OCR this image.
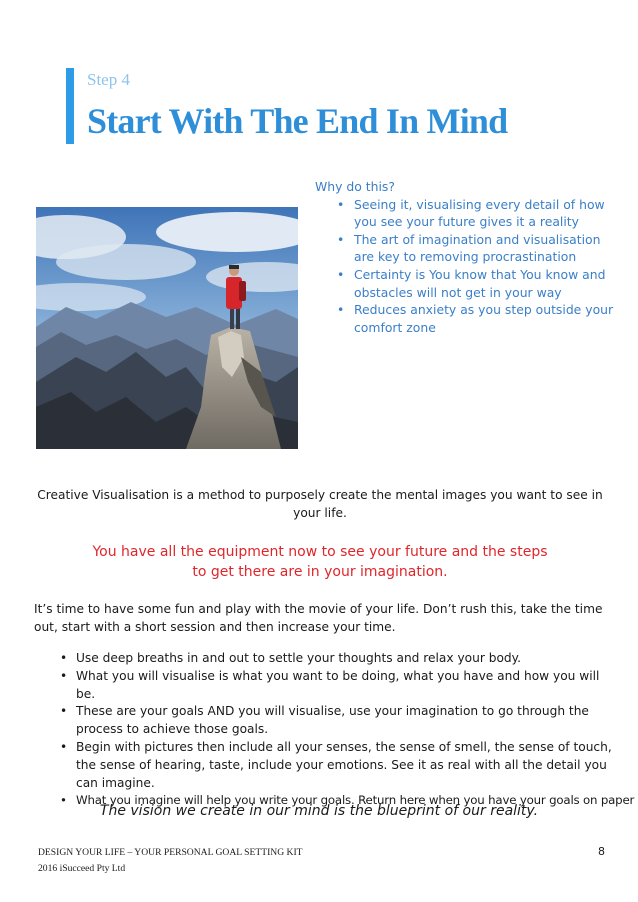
Step 4
Start With The End In Mind
Why do this?
• Seeing it, visualising every detail of how you see your future gives it a reality
• The art of imagination and visualisation are key to removing procrastination
• Certainty is You know that You know and obstacles will not get in your way
• Reduces anxiety as you step outside your comfort zone

Creative Visualisation is a method to purposely create the mental images you want to see in your life.

You have all the equipment now to see your future and the steps
to get there are in your imagination.

It’s time to have some fun and play with the movie of your life. Don’t rush this, take the time out, start with a short session and then increase your time.

• Use deep breaths in and out to settle your thoughts and relax your body.
• What you will visualise is what you want to be doing, what you have and how you will be.
• These are your goals AND you will visualise, use your imagination to go through the process to achieve those goals.
• Begin with pictures then include all your senses, the sense of smell, the sense of touch, the sense of hearing, taste, include your emotions. See it as real with all the detail you can imagine.
• What you imagine will help you write your goals. Return here when you have your goals on paper

The vision we create in our mind is the blueprint of our reality.

DESIGN YOUR LIFE – YOUR PERSONAL GOAL SETTING KIT
2016 iSucceed Pty Ltd
8
